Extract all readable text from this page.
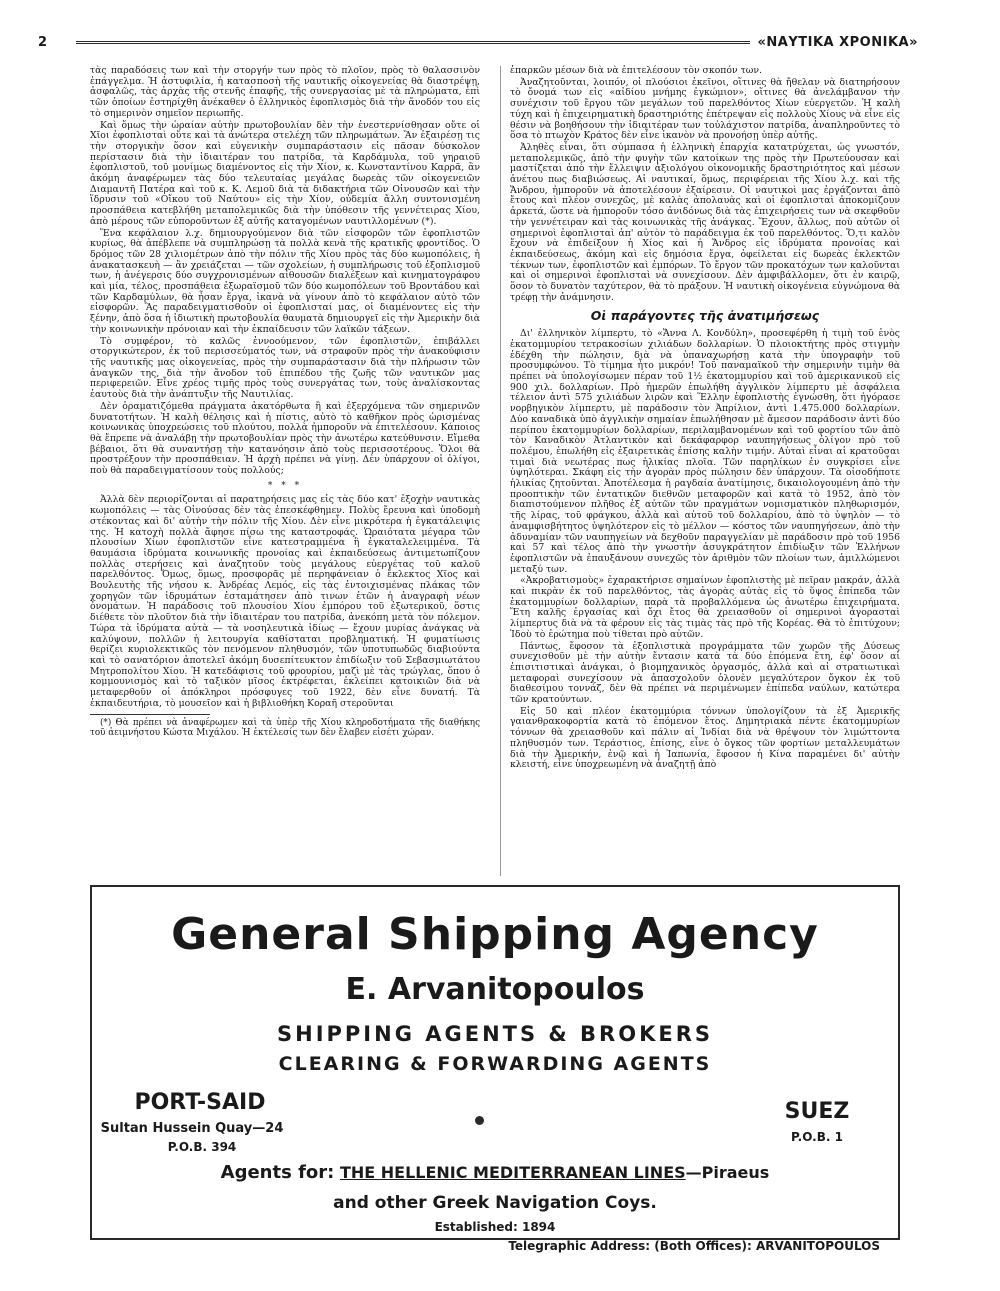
2	«ΝΑΥΤΙΚΑ ΧΡΟΝΙΚΑ»

τὰς παραδόσεις των καὶ τὴν στοργήν των πρὸς τὸ πλοῖον, πρὸς τὸ θαλασσινὸν ἐπάγγελμα. Ἡ ἀστυφιλία, ἡ κατασποσὴ τῆς ναυτικῆς οἰκογενείας θὰ διαστρέψῃ, ἀσφαλῶς, τὰς ἀρχὰς τῆς στενῆς ἐπαφῆς, τῆς συνεργασίας μὲ τὰ πληρώματα, ἐπὶ τῶν ὁποίων ἐστηρίχθη ἀνέκαθεν ὁ ἑλληνικὸς ἐφοπλισμὸς διὰ τὴν ἄνοδόν του εἰς τὸ σημερινὸν σημεῖον περιωπῆς.

Καὶ ὅμως τὴν ὡραίαν αὐτὴν πρωτοβουλίαν δὲν τὴν ἐνεστερνίσθησαν οὔτε οἱ Χῖοι ἐφοπλισταὶ οὔτε καὶ τὰ ἀνώτερα στελέχη τῶν πληρωμάτων. Ἂν ἐξαιρέσῃ τις τὴν στοργικὴν ὅσον καὶ εὐγενικὴν συμπαράστασιν εἰς πᾶσαν δύσκολον περίστασιν διὰ τὴν ἰδιαιτέραν του πατρίδα, τὰ Καρδάμυλα, τοῦ γηραιοῦ ἐφοπλιστοῦ, τοῦ μονίμως διαμένοντος εἰς τὴν Χίον, κ. Κωνσταντίνου Καρρᾶ, ἂν ἀκόμη ἀναφέρωμεν τὰς δύο τελευταίας μεγάλας δωρεὰς τῶν οἰκογενειῶν Διαμαντῆ Πατέρα καὶ τοῦ κ. Κ. Λεμοῦ διὰ τὰ διδακτήρια τῶν Οἰνουσῶν καὶ τὴν ἵδρυσιν τοῦ «Οἴκου τοῦ Ναύτου» εἰς τὴν Χίον, οὐδεμία ἄλλη συντονισμένη προσπάθεια κατεβλήθη μεταπολεμικῶς διὰ τὴν ὑπόθεσιν τῆς γεννέτειρας Χίου, ἀπὸ μέρους τῶν εὐποροῦντων ἐξ αὐτῆς καταγομένων ναυτιλλομένων (*).

Ἕνα κεφάλαιον λ.χ. δημιουργούμενον διὰ τῶν εἰσφορῶν τῶν ἐφοπλιστῶν κυρίως, θὰ ἀπέβλεπε νὰ συμπληρώσῃ τὰ πολλὰ κενὰ τῆς κρατικῆς φροντίδος. Ὁ δρόμος τῶν 28 χιλιομέτρων ἀπὸ τὴν πόλιν τῆς Χίου πρὸς τὰς δύο κωμοπόλεις, ἡ ἀνακατασκευὴ — ἂν χρειάζεται — τῶν σχολείων, ἡ συμπλήρωσις τοῦ ἐξοπλισμοῦ των, ἡ ἀνέγερσις δύο συγχρονισμένων αἰθουσῶν διαλέξεων καὶ κινηματογράφου καὶ μία, τέλος, προσπάθεια ἐξωραϊσμοῦ τῶν δύο κωμοπόλεων τοῦ Βροντάδου καὶ τῶν Καρδαμύλων, θὰ ἦσαν ἔργα, ἱκανὰ νὰ γίνουν ἀπὸ τὸ κεφάλαιον αὐτὸ τῶν εἰσφορῶν. Ἂς παραδειγματισθοῦν οἱ ἐφοπλισταί μας, οἱ διαμένοντες εἰς τὴν ξένην, ἀπὸ ὅσα ἡ ἰδιωτικὴ πρωτοβουλία θαυματὰ δημιουργεῖ εἰς τὴν Ἀμερικὴν διὰ τὴν κοινωνικὴν πρόνοιαν καὶ τὴν ἐκπαίδευσιν τῶν λαϊκῶν τάξεων.

Τὸ συμφέρον, τὸ καλῶς ἐννοούμενον, τῶν ἐφοπλιστῶν, ἐπιβάλλει στοργικώτερον, ἐκ τοῦ περισσεύματός των, νὰ στραφοῦν πρὸς τὴν ἀνακούφισιν τῆς ναυτικῆς μας οἰκογενείας, πρὸς τὴν συμπαράστασιν διὰ τὴν πλήρωσιν τῶν ἀναγκῶν της, διὰ τὴν ἄνοδον τοῦ ἐπιπέδου τῆς ζωῆς τῶν ναυτικῶν μας περιφερειῶν. Εἶνε χρέος τιμῆς πρὸς τοὺς συνεργάτας των, τοὺς ἀναλίσκοντας ἑαυτοὺς διὰ τὴν ἀνάπτυξιν τῆς Ναυτιλίας.

Δὲν ὁραματιζόμεθα πράγματα ἀκατόρθωτα ἢ καὶ ἐξερχόμενα τῶν σημερινῶν δυνατοτήτων. Ἡ καλὴ θέλησις καὶ ἡ πίστις, αὐτὸ τὸ καθῆκον πρὸς ὡρισμένας κοινωνικὰς ὑποχρεώσεις τοῦ πλούτου, πολλὰ ἠμποροῦν νὰ ἐπιτελέσουν. Κάποιος θὰ ἔπρεπε νὰ ἀναλάβῃ τὴν πρωτοβουλίαν πρὸς τὴν ἀνωτέρω κατεύθυνσιν. Εἴμεθα βέβαιοι, ὅτι θὰ συναντήσῃ τὴν κατανόησιν ἀπὸ τοὺς περισσοτέρους. Ὅλοι θὰ προστρέξουν τὴν προσπάθειαν. Ἡ ἀρχὴ πρέπει νὰ γίνῃ. Δὲν ὑπάρχουν οἱ ὀλίγοι, ποὺ θὰ παραδειγματίσουν τοὺς πολλούς;

* * *

Ἀλλὰ δὲν περιορίζονται αἱ παρατηρήσεις μας εἰς τὰς δύο κατ' ἐξοχὴν ναυτικὰς κωμοπόλεις — τὰς Οἰνούσας δὲν τὰς ἐπεσκέφθημεν. Πολὺς ἔρευνα καὶ ὑποδομὴ στέκοντας καὶ δι' αὐτὴν τὴν πόλιν τῆς Χίου. Δὲν εἶνε μικρότερα ἡ ἐγκατάλειψις της. Ἡ κατοχὴ πολλὰ ἄφησε πίσω της καταστροφάς. Ὡραιότατα μέγαρα τῶν πλουσίων Χίων ἐφοπλιστῶν εἶνε κατεστραμμένα ἢ ἐγκαταλελειμμένα. Τὰ θαυμάσια ἱδρύματα κοινωνικῆς προνοίας καὶ ἐκπαιδεύσεως ἀντιμετωπίζουν πολλὰς στερήσεις καὶ ἀναζητοῦν τοὺς μεγάλους εὐεργέτας τοῦ καλοῦ παρελθόντος. Ὅμως, ὅμως, προσφορᾶς μὲ περηφάνειαν ὁ ἔκλεκτος Χῖος καὶ Βουλευτὴς τῆς νήσου κ. Ἀνδρέας Λεμός, εἰς τὰς ἐντοιχισμένας πλάκας τῶν χορηγῶν τῶν ἱδρυμάτων ἐσταμάτησεν ἀπὸ τινων ἐτῶν ἡ ἀναγραφὴ νέων ὀνομάτων. Ἡ παράδοσις τοῦ πλουσίου Χίου ἐμπόρου τοῦ ἐξωτερικοῦ, ὅστις διέθετε τὸν πλοῦτον διὰ τὴν ἰδιαιτέραν του πατρίδα, ἀνεκόπη μετὰ τὸν πόλεμον. Τώρα τὰ ἱδρύματα αὐτὰ — τὰ νοσηλευτικὰ ἰδίως — ἔχουν μυρίας ἀνάγκας νὰ καλύψουν, πολλῶν ἡ λειτουργία καθίσταται προβληματική. Ἡ φυματίωσις θερίζει κυριολεκτικῶς τὸν πενόμενον πληθυσμόν, τῶν ὑποτυπωδῶς διαβιούντα καὶ τὸ σανατόριον ἀποτελεῖ ἀκόμη δυσεπίτευκτον ἐπιδίωξιν τοῦ Σεβασμιωτάτου Μητροπολίτου Χίου. Ἡ κατεδάφισις τοῦ φρουρίου, μαζὶ μὲ τὰς τρώγλας, ὅπου ὁ κομμουνισμὸς καὶ τὸ ταξικὸν μῖσος ἐκτρέφεται, ἐκλείπει κατοικιῶν διὰ νὰ μεταφερθοῦν οἱ ἀπόκληροι πρόσφυγες τοῦ 1922, δὲν εἶνε δυνατή. Τὰ ἐκπαιδευτήρια, τὸ μουσεῖον καὶ ἡ βιβλιοθήκη Κοραῆ στεροῦνται

(*) Θὰ πρέπει νὰ ἀναφέρωμεν καὶ τὰ ὑπὲρ τῆς Χίου κληροδοτήματα τῆς διαθήκης τοῦ ἀειμνήστου Κώστα Μιχάλου. Ἡ ἐκτέλεσίς των δὲν ἔλαβεν εἰσέτι χώραν.

ἐπαρκῶν μέσων διὰ νὰ ἐπιτελέσουν τὸν σκοπόν των.

Ἀναζητοῦνται, λοιπόν, οἱ πλούσιοι ἐκεῖνοι, οἵτινες θὰ ἤθελαν νὰ διατηρήσουν τὸ ὄνομά των εἰς «αἰδίου μνήμης ἐγκώμιον», οἵτινες θὰ ἀνελάμβανον τὴν συνέχισιν τοῦ ἔργου τῶν μεγάλων τοῦ παρελθόντος Χίων εὐεργετῶν. Ἡ καλὴ τύχη καὶ ἡ ἐπιχειρηματικὴ δραστηριότης ἐπέτρεψαν εἰς πολλοὺς Χίους νὰ εἶνε εἰς θέσιν νὰ βοηθήσουν τὴν ἰδιαιτέραν των τοὐλάχιστον πατρίδα, ἀναπληροῦντες τὸ ὅσα τὸ πτωχὸν Κράτος δὲν εἶνε ἱκανὸν νὰ προνοήσῃ ὑπὲρ αὐτῆς.

Ἀληθὲς εἶναι, ὅτι σύμπασα ἡ ἑλληνικὴ ἐπαρχία κατατρύχεται, ὡς γνωστόν, μεταπολεμικῶς, ἀπὸ τὴν φυγὴν τῶν κατοίκων της πρὸς τὴν Πρωτεύουσαν καὶ μαστίζεται ἀπὸ τὴν ἔλλειψιν ἀξιολόγου οἰκονομικῆς δραστηριότητος καὶ μέσων ἀνέτου πως διαβιώσεως. Αἱ ναυτικαί, ὅμως, περιφέρειαι τῆς Χίου λ.χ. καὶ τῆς Ἄνδρου, ἠμποροῦν νὰ ἀποτελέσουν ἐξαίρεσιν. Οἱ ναυτικοὶ μας ἐργάζονται ἀπὸ ἔτους καὶ πλέον συνεχῶς, μὲ καλὰς ἀπολαυὰς καὶ οἱ ἐφοπλισταὶ ἀποκομίζουν ἀρκετά, ὥστε νὰ ἠμποροῦν τόσο ἀνιδόνως διὰ τὰς ἐπιχειρήσεις των νὰ σκεφθοῦν τὴν γεννέτειραν καὶ τὰς κοινωνικὰς τῆς ἀνάγκας. Ἔχουν, ἄλλως, ποὺ αὐτῶν οἱ σημερινοὶ ἐφοπλισταὶ ἀπ' αὐτὸν τὸ παράδειγμα ἐκ τοῦ παρελθόντος. Ὅ,τι καλὸν ἔχουν νὰ ἐπιδείξουν ἡ Χίος καὶ ἡ Ἄνδρος εἰς ἱδρύματα προνοίας καὶ ἐκπαιδεύσεως, ἀκόμη καὶ εἰς δημόσια ἔργα, ὀφείλεται εἰς δωρεὰς ἐκλεκτῶν τέκνων των, ἐφοπλιστῶν καὶ ἐμπόρων. Τὸ ἔργον τῶν προκατόχων των καλοῦνται καὶ οἱ σημερινοὶ ἐφοπλισταὶ νὰ συνεχίσουν. Δὲν ἀμφιβάλλομεν, ὅτι ἐν καιρῷ, ὅσον τὸ δυνατὸν ταχύτερον, θὰ τὸ πράξουν. Ἡ ναυτικὴ οἰκογένεια εὐγνώμονα θὰ τρέφῃ τὴν ἀνάμνησιν.

Οἱ παράγοντες τῆς ἀνατιμήσεως

Δι' ἑλληνικὸν λίμπερτυ, τὸ «Ἄννα Λ. Κονδύλη», προσεφέρθη ἡ τιμὴ τοῦ ἑνὸς ἑκατομμυρίου τετρακοσίων χιλιάδων δολλαρίων. Ὁ πλοιοκτήτης πρὸς στιγμὴν ἐδέχθη τὴν πώλησιν, διὰ νὰ ὑπαναχωρήσῃ κατὰ τὴν ὑπογραφὴν τοῦ προσυμφώνου. Τὸ τίμημα ἦτο μικρόν! Τοῦ παναμαϊκοῦ τὴν σημερινὴν τιμὴν θὰ πρέπει νὰ ὑπολογίσωμεν πέραν τοῦ 1½ ἑκατομμυρίου καὶ τοῦ ἀμερικανικοῦ εἰς 900 χιλ. δολλαρίων. Πρὸ ἡμερῶν ἐπωλήθη ἀγγλικὸν λίμπερτυ μὲ ἀσφάλεια τέλειον ἀντὶ 575 χιλιάδων λιρῶν καὶ Ἕλλην ἐφοπλιστὴς ἐγνώσθη, ὅτι ἠγόρασε νορβηγικὸν λίμπερτυ, μὲ παράδοσιν τὸν Ἀπρίλιον, ἀντὶ 1.475.000 δολλαρίων. Δύο καναδικὰ ὑπὸ ἀγγλικὴν σημαίαν ἐπωλήθησαν μὲ ἄμεσον παράδοσιν ἀντὶ δύο περίπου ἑκατομμυρίων δολλαρίων, περιλαμβανομένων καὶ τοῦ φορτίου τῶν ἀπὸ τὸν Καναδικὸν Ἀτλαντικὸν καὶ δεκάφαρφορ ναυπηγήσεως ὀλίγον πρὸ τοῦ πολέμου, ἐπωλήθη εἰς ἐξαιρετικὰς ἐπίσης καλὴν τιμήν. Αὐταὶ εἶναι αἱ κρατοῦσαι τιμαὶ διὰ νεωτέρας πως ἡλικίας πλοῖα. Τῶν παρηλίκων ἐν συγκρίσει εἶνε ὑψηλότεραι. Σκάφη εἰς τὴν ἀγορὰν πρὸς πώλησιν δὲν ὑπάρχουν. Τὰ οἰσοδήποτε ἡλικίας ζητοῦνται. Ἀποτέλεσμα ἡ ραγδαία ἀνατίμησις, δικαιολογουμένη ἀπὸ τὴν προοπτικὴν τῶν ἐντατικῶν διεθνῶν μεταφορῶν καὶ κατὰ τὸ 1952, ἀπὸ τὸν διαπιστούμενον πλῆθος ἐξ αὐτῶν τῶν πραγμάτων νομισματικὸν πληθωρισμόν, τῆς λίρας, τοῦ φράγκου, ἀλλὰ καὶ αὐτοῦ τοῦ δολλαρίου, ἀπὸ τὸ ὑψηλὸν — τὸ ἀναμφισβήτητος ὑψηλότερον εἰς τὸ μέλλον — κόστος τῶν ναυπηγήσεων, ἀπὸ τὴν ἀδυναμίαν τῶν ναυπηγείων νὰ δεχθοῦν παραγγελίαν μὲ παράδοσιν πρὸ τοῦ 1956 καὶ 57 καὶ τέλος ἀπὸ τὴν γνωστὴν ἀσυγκράτητον ἐπιδίωξιν τῶν Ἑλλήνων ἐφοπλιστῶν νὰ ἐπαυξάνουν συνεχῶς τὸν ἀριθμὸν τῶν πλοίων των, ἁμιλλώμενοι μεταξύ των.

«Ἀκροβατισμοὺς» ἐχαρακτήρισε σημαίνων ἐφοπλιστὴς μὲ πεῖραν μακράν, ἀλλὰ καὶ πικρὰν ἐκ τοῦ παρελθόντος, τὰς ἀγορὰς αὐτὰς εἰς τὸ ὕψος ἐπίπεδα τῶν ἑκατομμυρίων δολλαρίων, παρὰ τὰ προβαλλόμενα ὡς ἀνωτέρω ἐπιχειρήματα. Ἔτη καλῆς ἐργασίας καὶ ὄχι ἔτος θὰ χρειασθοῦν οἱ σημερινοὶ ἀγορασταὶ λίμπερτυς διὰ νὰ τὰ φέρουν εἰς τὰς τιμὰς τὰς πρὸ τῆς Κορέας. Θὰ τὸ ἐπιτύχουν; Ἰδοὺ τὸ ἐρώτημα ποὺ τίθεται πρὸ αὐτῶν.

Πάντως, ἔφοσον τὰ ἐξοπλιστικὰ προγράμματα τῶν χωρῶν τῆς Δύσεως συνεχισθοῦν μὲ τὴν αὐτὴν ἔντασιν κατὰ τὰ δύο ἑπόμενα ἔτη, ἐφ' ὅσον αἱ ἐπισιτιστικαὶ ἀνάγκαι, ὁ βιομηχανικὸς ὀργασμός, ἀλλὰ καὶ αἱ στρατιωτικαὶ μεταφοραὶ συνεχίσουν νὰ ἀπασχολοῦν ὁλονὲν μεγαλύτερον ὄγκον ἐκ τοῦ διαθεσίμου τοννάζ, δὲν θὰ πρέπει νὰ περιμένωμεν ἐπίπεδα ναύλων, κατώτερα τῶν κρατούντων.

Εἰς 50 καὶ πλέον ἑκατομμύρια τόννων ὑπολογίζουν τὰ ἐξ Ἀμερικῆς γαιανθρακοφορτία κατὰ τὸ ἑπόμενον ἔτος. Δημητριακὰ πέντε ἑκατομμυρίων τόννων θὰ χρειασθοῦν καὶ πάλιν αἱ Ἰνδίαι διὰ νὰ θρέψουν τὸν λιμώττοντα πληθυσμόν των. Τεράστιος, ἐπίσης, εἶνε ὁ ὄγκος τῶν φορτίων μεταλλευμάτων διὰ τὴν Ἀμερικήν, ἐνῷ καὶ ἡ Ἰαπωνία, ἔφοσον ἡ Κίνα παραμένει δι' αὐτὴν κλειστή, εἶνε ὑποχρεωμένη νὰ ἀναζητῇ ἀπὸ

General Shipping Agency
E. Arvanitopoulos
SHIPPING AGENTS & BROKERS
CLEARING & FORWARDING AGENTS
PORT-SAID
Sultan Hussein Quay—24
P.O.B. 394
SUEZ
P.O.B. 1
Agents for: THE HELLENIC MEDITERRANEAN LINES—Piraeus
and other Greek Navigation Coys.
Established: 1894
Telegraphic Address: (Both Offices): ARVANITOPOULOS
